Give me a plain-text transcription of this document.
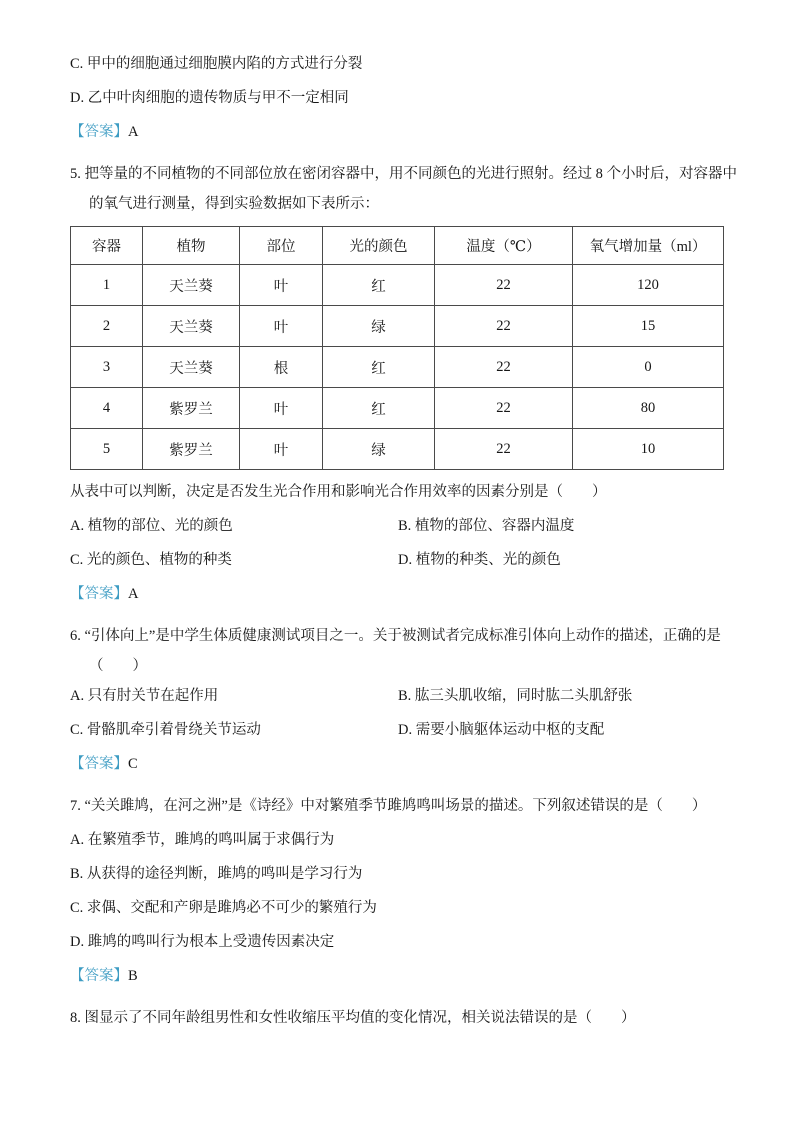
C. 甲中的细胞通过细胞膜内陷的方式进行分裂
D. 乙中叶肉细胞的遗传物质与甲不一定相同
【答案】A
5. 把等量的不同植物的不同部位放在密闭容器中，用不同颜色的光进行照射。经过 8 个小时后，对容器中
的氧气进行测量，得到实验数据如下表所示：
容器	植物	部位	光的颜色	温度（℃）	氧气增加量（ml）
1	天兰葵	叶	红	22	120
2	天兰葵	叶	绿	22	15
3	天兰葵	根	红	22	0
4	紫罗兰	叶	红	22	80
5	紫罗兰	叶	绿	22	10
从表中可以判断，决定是否发生光合作用和影响光合作用效率的因素分别是（　　）
A. 植物的部位、光的颜色	B. 植物的部位、容器内温度
C. 光的颜色、植物的种类	D. 植物的种类、光的颜色
【答案】A
6. “引体向上”是中学生体质健康测试项目之一。关于被测试者完成标准引体向上动作的描述，正确的是
（　　）
A. 只有肘关节在起作用	B. 肱三头肌收缩，同时肱二头肌舒张
C. 骨骼肌牵引着骨绕关节运动	D. 需要小脑躯体运动中枢的支配
【答案】C
7. “关关雎鸠，在河之洲”是《诗经》中对繁殖季节雎鸠鸣叫场景的描述。下列叙述错误的是（　　）
A. 在繁殖季节，雎鸠的鸣叫属于求偶行为
B. 从获得的途径判断，雎鸠的鸣叫是学习行为
C. 求偶、交配和产卵是雎鸠必不可少的繁殖行为
D. 雎鸠的鸣叫行为根本上受遗传因素决定
【答案】B
8. 图显示了不同年龄组男性和女性收缩压平均值的变化情况，相关说法错误的是（　　）
